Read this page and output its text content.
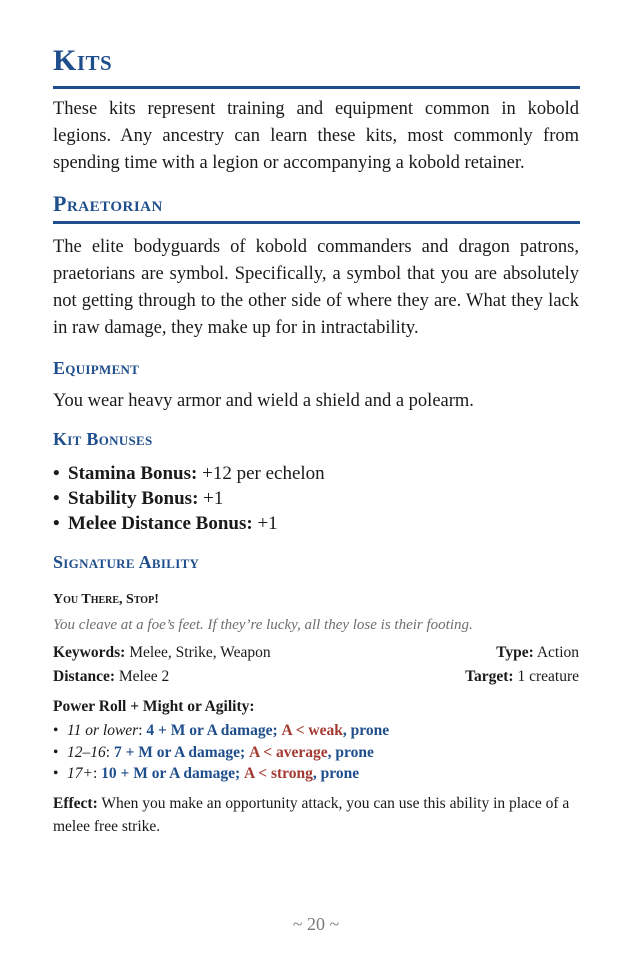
Kits
These kits represent training and equipment common in kobold legions. Any ancestry can learn these kits, most commonly from spending time with a legion or accompanying a kobold retainer.
Praetorian
The elite bodyguards of kobold commanders and dragon patrons, praetorians are symbol. Specifically, a symbol that you are absolutely not getting through to the other side of where they are. What they lack in raw damage, they make up for in intractability.
Equipment
You wear heavy armor and wield a shield and a polearm.
Kit Bonuses
• Stamina Bonus: +12 per echelon
• Stability Bonus: +1
• Melee Distance Bonus: +1
Signature Ability
You There, Stop!
You cleave at a foe’s feet. If they’re lucky, all they lose is their footing.
Keywords: Melee, Strike, Weapon	Type: Action
Distance: Melee 2	Target: 1 creature
Power Roll + Might or Agility:
• 11 or lower: 4 + M or A damage; A < weak, prone
• 12–16: 7 + M or A damage; A < average, prone
• 17+: 10 + M or A damage; A < strong, prone
Effect: When you make an opportunity attack, you can use this ability in place of a melee free strike.
~ 20 ~
